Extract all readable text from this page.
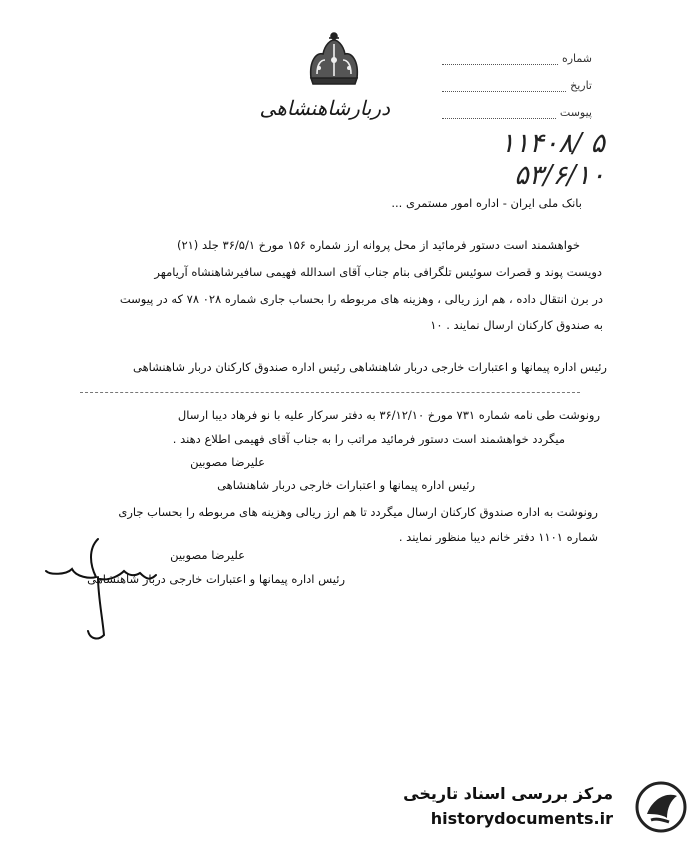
دربارشاهنشاهی
شماره
تاریخ
پیوست
۱۱۴۰۸/ ۵
۵۳/۶/۱۰
بانک ملی ایران - اداره امور مستمری ...
خواهشمند است دستور فرمائید از محل پروانه ارز شماره ۱۵۶ مورخ ۳۶/۵/۱ جلد (۲۱)
دویست پوند و قصرات سوئیس تلگرافی بنام جناب آقای اسدالله فهیمی سافیرشاهنشاه آریامهر
در برن انتقال داده ، هم ارز ریالی ، وهزینه های مربوطه را بحساب جاری شماره ۰۲۸ ۷۸ که در پیوست
به صندوق کارکنان ارسال نمایند . ۱۰
رئیس اداره پیمانها و اعتبارات خارجی دربار شاهنشاهی رئیس اداره صندوق کارکنان دربار شاهنشاهی
رونوشت طی نامه شماره ۷۳۱ مورخ ۳۶/۱۲/۱۰ به دفتر سرکار علیه با نو فرهاد دیبا ارسال
میگردد خواهشمند است دستور فرمائید مراتب را به جناب آقای فهیمی اطلاع دهند .
علیرضا مصوبین
رئیس اداره پیمانها و اعتبارات خارجی دربار شاهنشاهی
رونوشت به اداره صندوق کارکنان ارسال میگردد تا هم ارز ریالی وهزینه های مربوطه را بحساب جاری
شماره ۱۱۰۱ دفتر خانم دیبا منظور نمایند .
علیرضا مصوبین
رئیس اداره پیمانها و اعتبارات خارجی دربار شاهنشاهی
مرکز بررسی اسناد تاریخی
historydocuments.ir
